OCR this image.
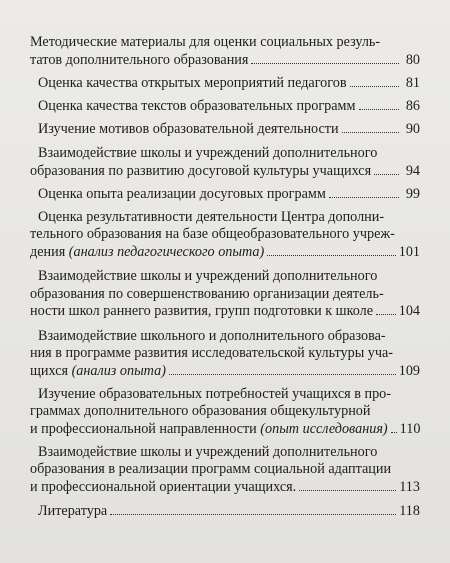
Методические материалы для оценки социальных резуль-
татов дополнительного образования	80
Оценка качества открытых мероприятий педагогов	81
Оценка качества текстов образовательных программ	86
Изучение мотивов образовательной деятельности	90
Взаимодействие школы и учреждений дополнительного
образования по развитию досуговой культуры учащихся 94
Оценка опыта реализации досуговых программ	99
Оценка результативности деятельности Центра дополни-
тельного образования на базе общеобразовательного учреж-
дения (анализ педагогического опыта)	101
Взаимодействие школы и учреждений дополнительного
образования по совершенствованию организации деятель-
ности школ раннего развития, групп подготовки к школе 104
Взаимодействие школьного и дополнительного образова-
ния в программе развития исследовательской культуры уча-
щихся (анализ опыта)	109
Изучение образовательных потребностей учащихся в про-
граммах дополнительного образования общекультурной
и профессиональной направленности (опыт исследования) 110
Взаимодействие школы и учреждений дополнительного
образования в реализации программ социальной адаптации
и профессиональной ориентации учащихся.	113
Литература	118
